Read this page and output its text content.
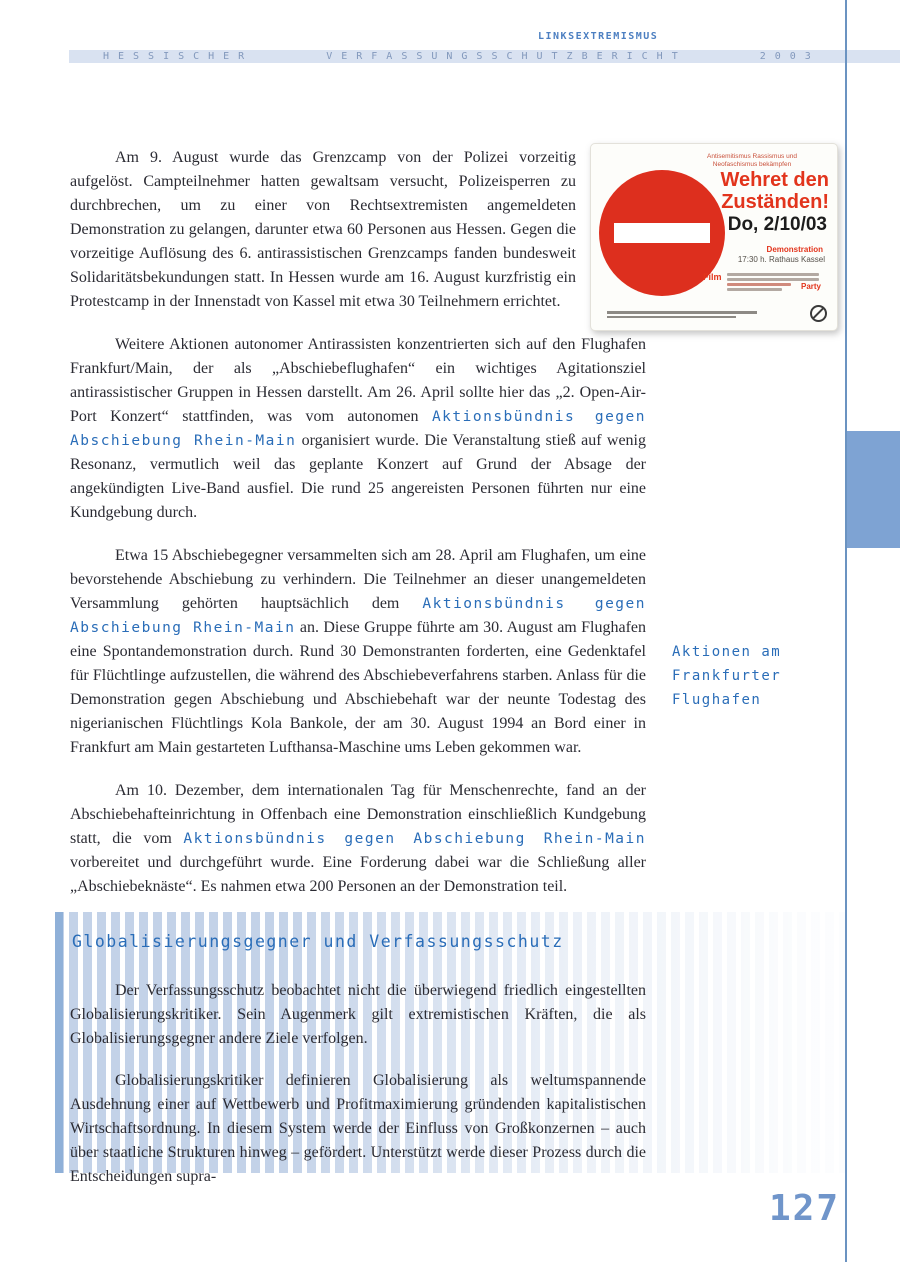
LINKSEXTREMISMUS
HESSISCHER VERFASSUNGSSCHUTZBERICHT 2003

Am 9. August wurde das Grenzcamp von der Polizei vorzeitig aufgelöst. Campteilnehmer hatten gewaltsam versucht, Polizeisperren zu durchbrechen, um zu einer von Rechtsextremisten angemeldeten Demonstration zu gelangen, darunter etwa 60 Personen aus Hessen. Gegen die vorzeitige Auflösung des 6. antirassistischen Grenzcamps fanden bundesweit Solidaritätsbekundungen statt. In Hessen wurde am 16. August kurzfristig ein Protestcamp in der Innenstadt von Kassel mit etwa 30 Teilnehmern errichtet.

Weitere Aktionen autonomer Antirassisten konzentrierten sich auf den Flughafen Frankfurt/Main, der als „Abschiebeflughafen“ ein wichtiges Agitationsziel antirassistischer Gruppen in Hessen darstellt. Am 26. April sollte hier das „2. Open-Air-Port Konzert“ stattfinden, was vom autonomen Aktionsbündnis gegen Abschiebung Rhein-Main organisiert wurde. Die Veranstaltung stieß auf wenig Resonanz, vermutlich weil das geplante Konzert auf Grund der Absage der angekündigten Live-Band ausfiel. Die rund 25 angereisten Personen führten nur eine Kundgebung durch.

Etwa 15 Abschiebegegner versammelten sich am 28. April am Flughafen, um eine bevorstehende Abschiebung zu verhindern. Die Teilnehmer an dieser unangemeldeten Versammlung gehörten hauptsächlich dem Aktionsbündnis gegen Abschiebung Rhein-Main an. Diese Gruppe führte am 30. August am Flughafen eine Spontandemonstration durch. Rund 30 Demonstranten forderten, eine Gedenktafel für Flüchtlinge aufzustellen, die während des Abschiebeverfahrens starben. Anlass für die Demonstration gegen Abschiebung und Abschiebehaft war der neunte Todestag des nigerianischen Flüchtlings Kola Bankole, der am 30. August 1994 an Bord einer in Frankfurt am Main gestarteten Lufthansa-Maschine ums Leben gekommen war.

Am 10. Dezember, dem internationalen Tag für Menschenrechte, fand an der Abschiebehafteinrichtung in Offenbach eine Demonstration einschließlich Kundgebung statt, die vom Aktionsbündnis gegen Abschiebung Rhein-Main vorbereitet und durchgeführt wurde. Eine Forderung dabei war die Schließung aller „Abschiebeknäste“. Es nahmen etwa 200 Personen an der Demonstration teil.

Aktionen am
Frankfurter
Flughafen
Antisemitismus Rassismus und
Neofaschismus bekämpfen
Wehret den
Zuständen!
Do, 2/10/03
Demonstration
17:30 h. Rathaus Kassel
Film
Party
Globalisierungsgegner und Verfassungsschutz

Der Verfassungsschutz beobachtet nicht die überwiegend friedlich eingestellten Globalisierungskritiker. Sein Augenmerk gilt extremistischen Kräften, die als Globalisierungsgegner andere Ziele verfolgen.

Globalisierungskritiker definieren Globalisierung als weltumspannende Ausdehnung einer auf Wettbewerb und Profitmaximierung gründenden kapitalistischen Wirtschaftsordnung. In diesem System werde der Einfluss von Großkonzernen – auch über staatliche Strukturen hinweg – gefördert. Unterstützt werde dieser Prozess durch die Entscheidungen supra-

127
